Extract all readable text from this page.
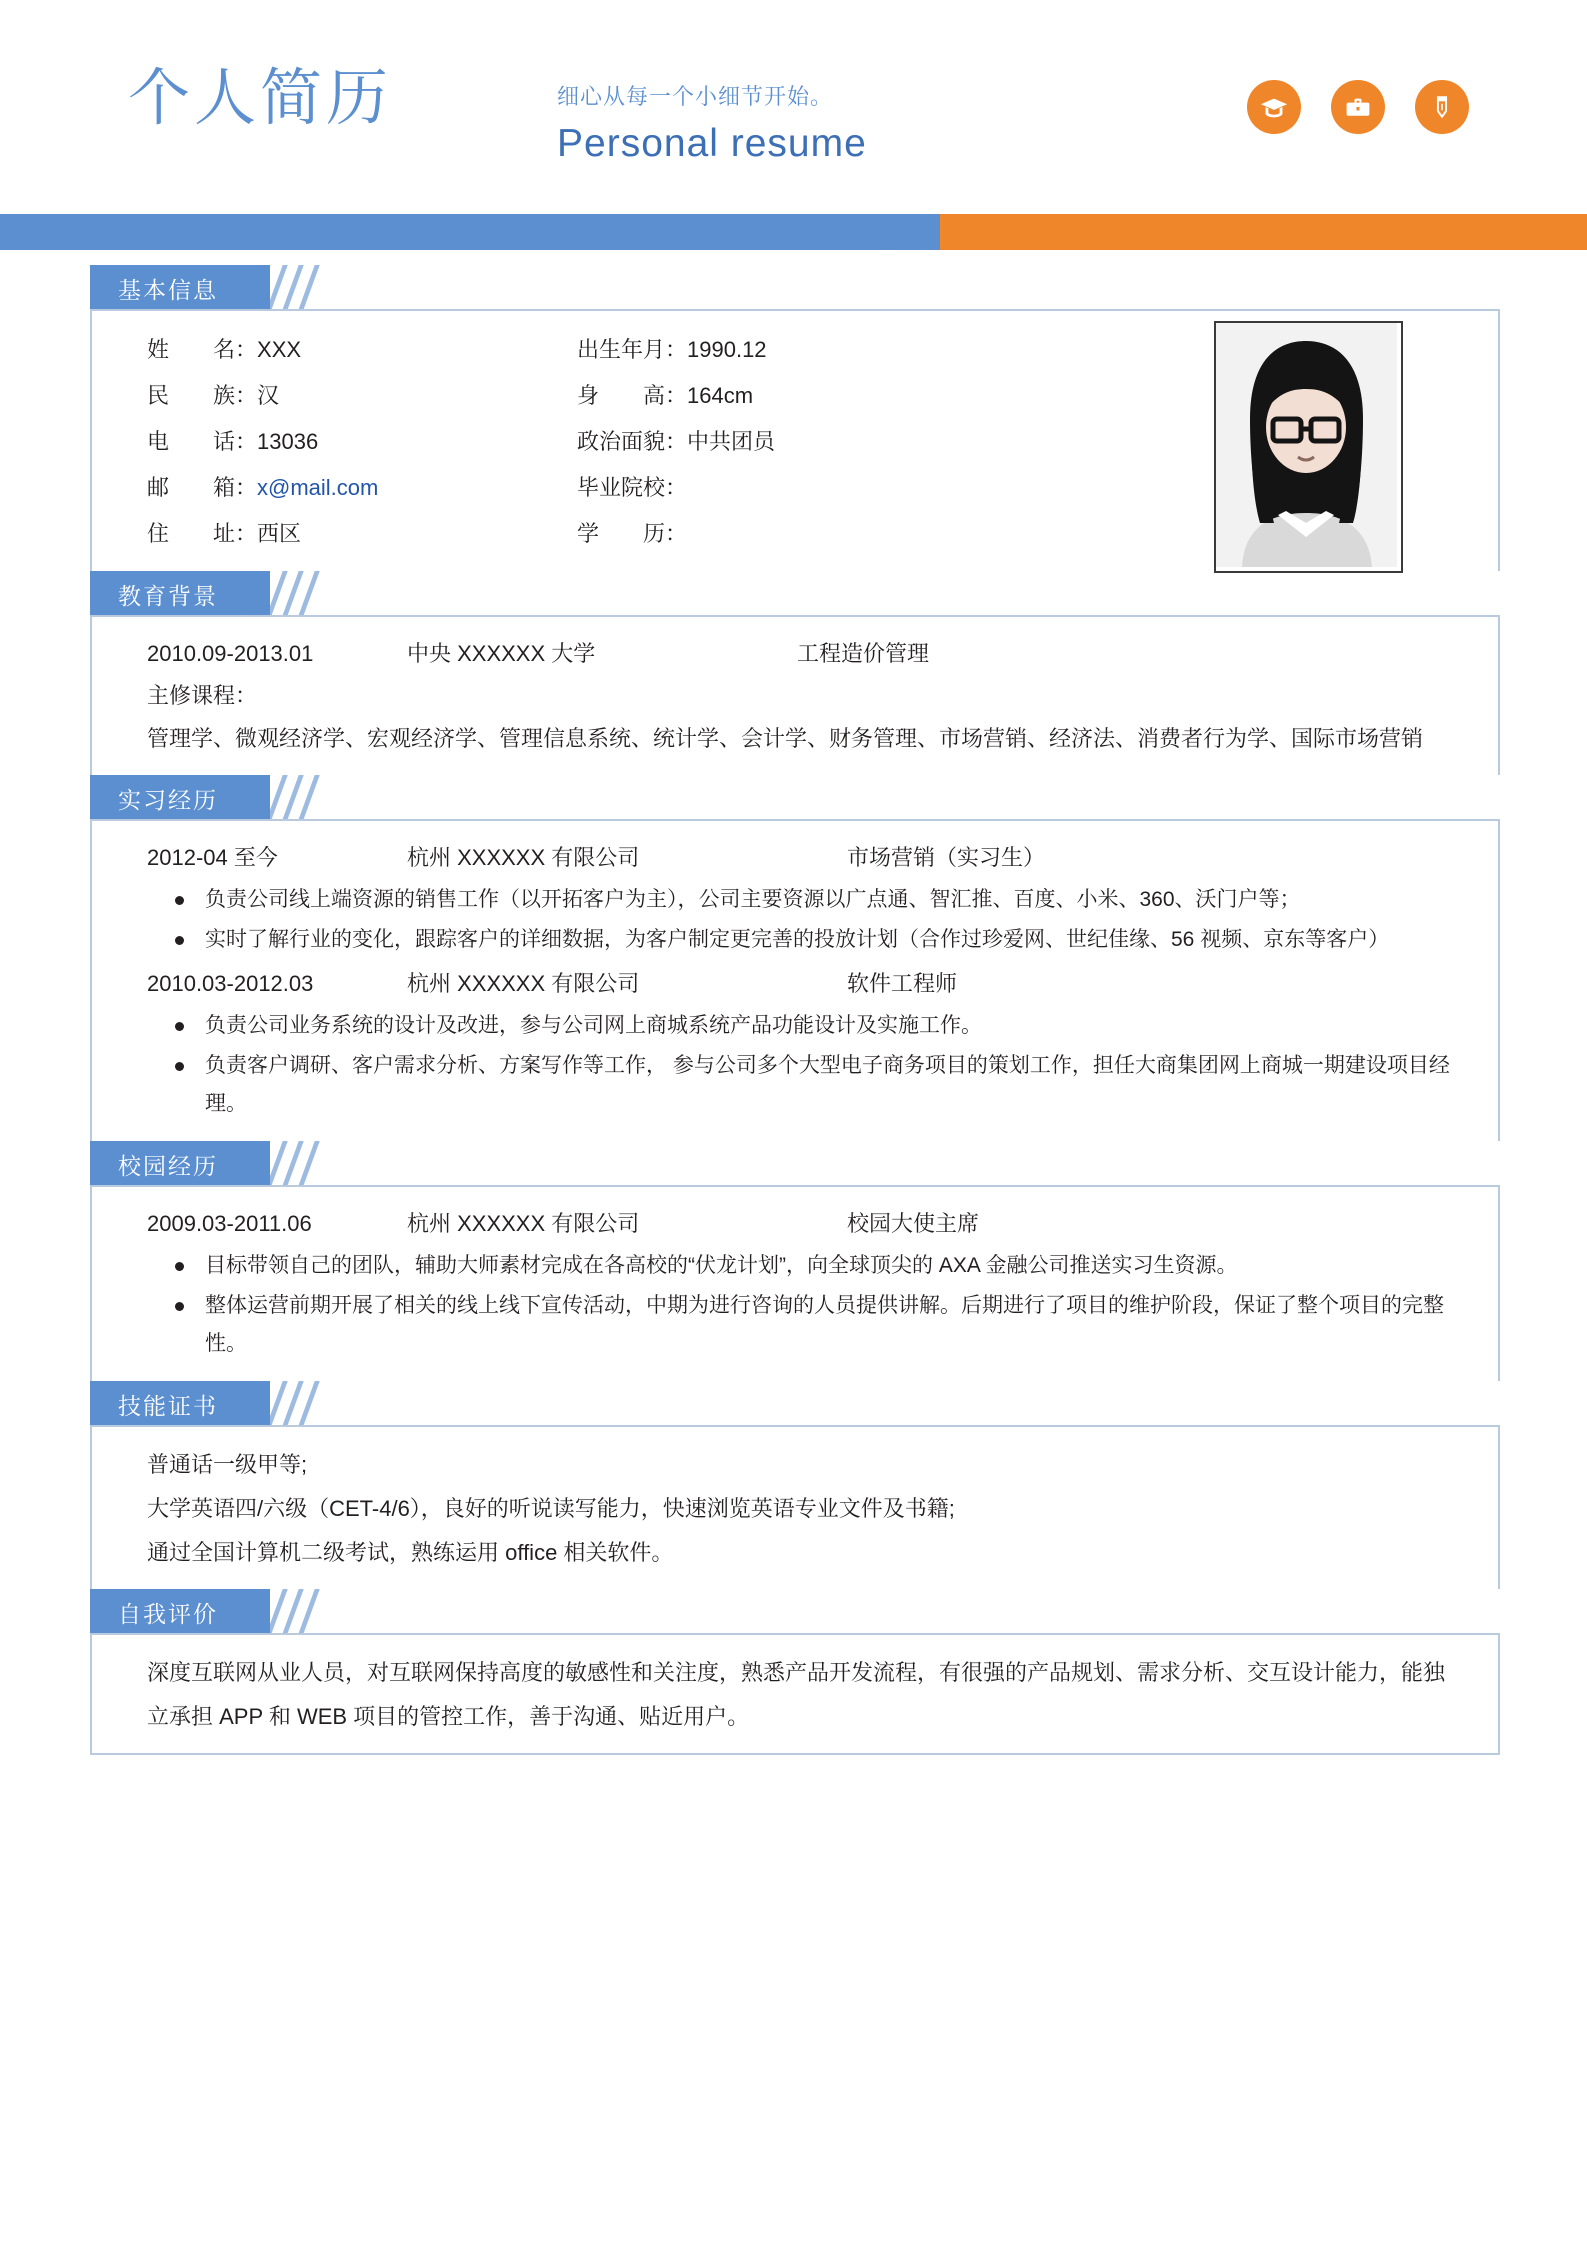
个人简历	细心从每一个小细节开始。
Personal resume
基本信息
姓　　名：XXX	出生年月：1990.12
民　　族：汉	身　　高：164cm
电　　话：13036	政治面貌：中共团员
邮　　箱：x@mail.com	毕业院校：
住　　址：西区	学　　历：
教育背景
2010.09-2013.01	中央 XXXXXX 大学	工程造价管理
主修课程：
管理学、微观经济学、宏观经济学、管理信息系统、统计学、会计学、财务管理、市场营销、经济法、消费者行为学、国际市场营销
实习经历
2012-04 至今	杭州 XXXXXX 有限公司	市场营销（实习生）
负责公司线上端资源的销售工作（以开拓客户为主），公司主要资源以广点通、智汇推、百度、小米、360、沃门户等；
实时了解行业的变化，跟踪客户的详细数据，为客户制定更完善的投放计划（合作过珍爱网、世纪佳缘、56 视频、京东等客户）
2010.03-2012.03	杭州 XXXXXX 有限公司	软件工程师
负责公司业务系统的设计及改进，参与公司网上商城系统产品功能设计及实施工作。
负责客户调研、客户需求分析、方案写作等工作， 参与公司多个大型电子商务项目的策划工作，担任大商集团网上商城一期建设项目经理。
校园经历
2009.03-2011.06	杭州 XXXXXX 有限公司	校园大使主席
目标带领自己的团队，辅助大师素材完成在各高校的“伏龙计划”，向全球顶尖的 AXA 金融公司推送实习生资源。
整体运营前期开展了相关的线上线下宣传活动，中期为进行咨询的人员提供讲解。后期进行了项目的维护阶段，保证了整个项目的完整性。
技能证书
普通话一级甲等;
大学英语四/六级（CET-4/6），良好的听说读写能力，快速浏览英语专业文件及书籍;
通过全国计算机二级考试，熟练运用 office 相关软件。
自我评价
深度互联网从业人员，对互联网保持高度的敏感性和关注度，熟悉产品开发流程，有很强的产品规划、需求分析、交互设计能力，能独立承担 APP 和 WEB 项目的管控工作，善于沟通、贴近用户。
